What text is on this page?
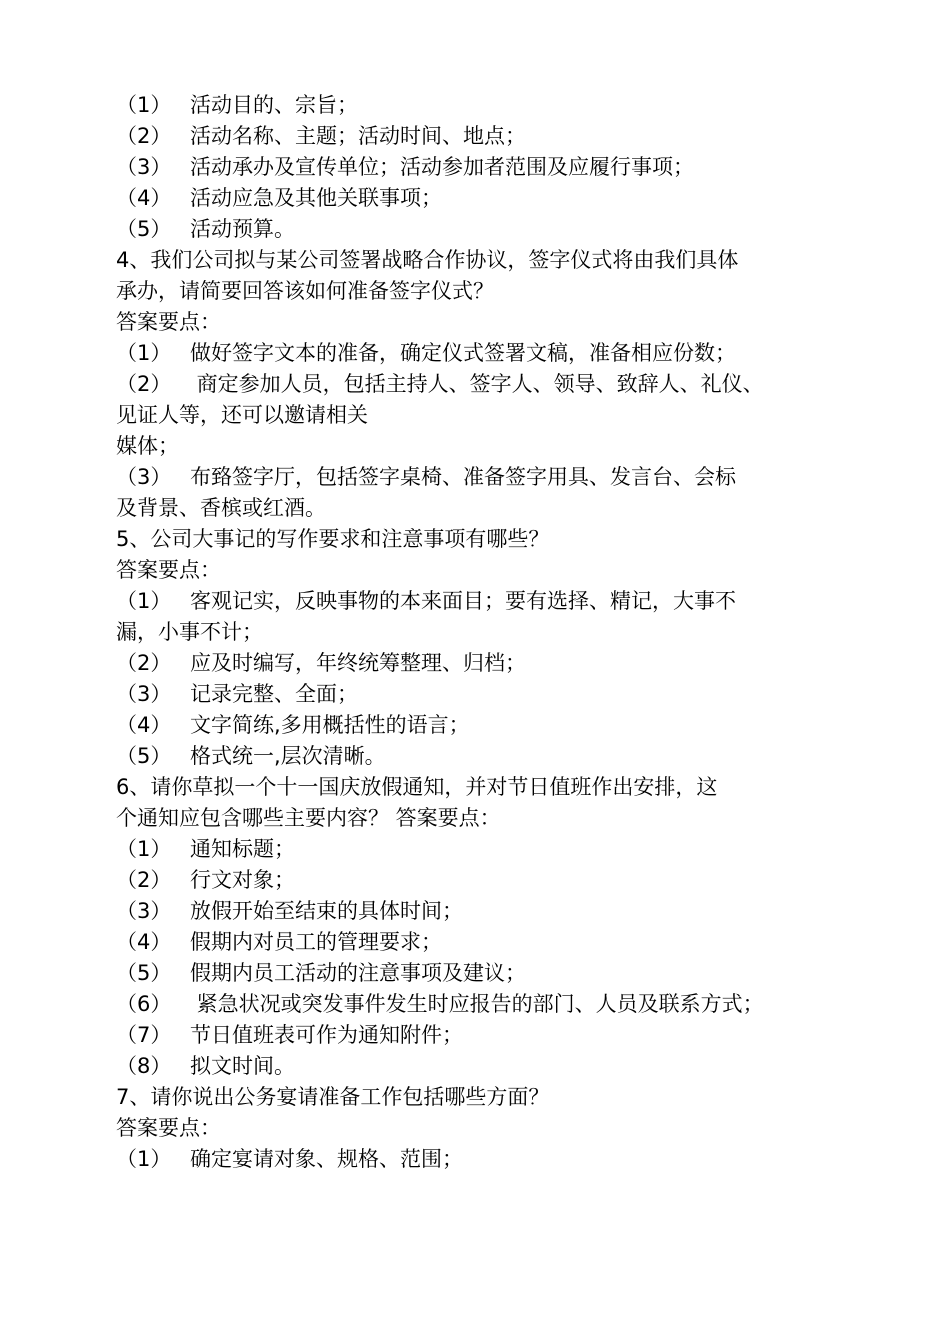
（1） 活动目的、宗旨；
（2） 活动名称、主题；活动时间、地点；
（3） 活动承办及宣传单位；活动参加者范围及应履行事项；
（4） 活动应急及其他关联事项；
（5） 活动预算。
4、我们公司拟与某公司签署战略合作协议，签字仪式将由我们具体
承办，请简要回答该如何准备签字仪式？
答案要点：
（1） 做好签字文本的准备，确定仪式签署文稿，准备相应份数；
（2） 商定参加人员，包括主持人、签字人、领导、致辞人、礼仪、
见证人等，还可以邀请相关
媒体；
（3） 布臵签字厅，包括签字桌椅、准备签字用具、发言台、会标
及背景、香槟或红酒。
5、公司大事记的写作要求和注意事项有哪些？
答案要点：
（1） 客观记实，反映事物的本来面目；要有选择、精记，大事不
漏，小事不计；
（2） 应及时编写，年终统筹整理、归档；
（3） 记录完整、全面；
（4） 文字简练,多用概括性的语言；
（5） 格式统一,层次清晰。
6、请你草拟一个十一国庆放假通知，并对节日值班作出安排，这
个通知应包含哪些主要内容？ 答案要点：
（1） 通知标题；
（2） 行文对象；
（3） 放假开始至结束的具体时间；
（4） 假期内对员工的管理要求；
（5） 假期内员工活动的注意事项及建议；
（6） 紧急状况或突发事件发生时应报告的部门、人员及联系方式；
（7） 节日值班表可作为通知附件；
（8） 拟文时间。
7、请你说出公务宴请准备工作包括哪些方面？
答案要点：
（1） 确定宴请对象、规格、范围；
